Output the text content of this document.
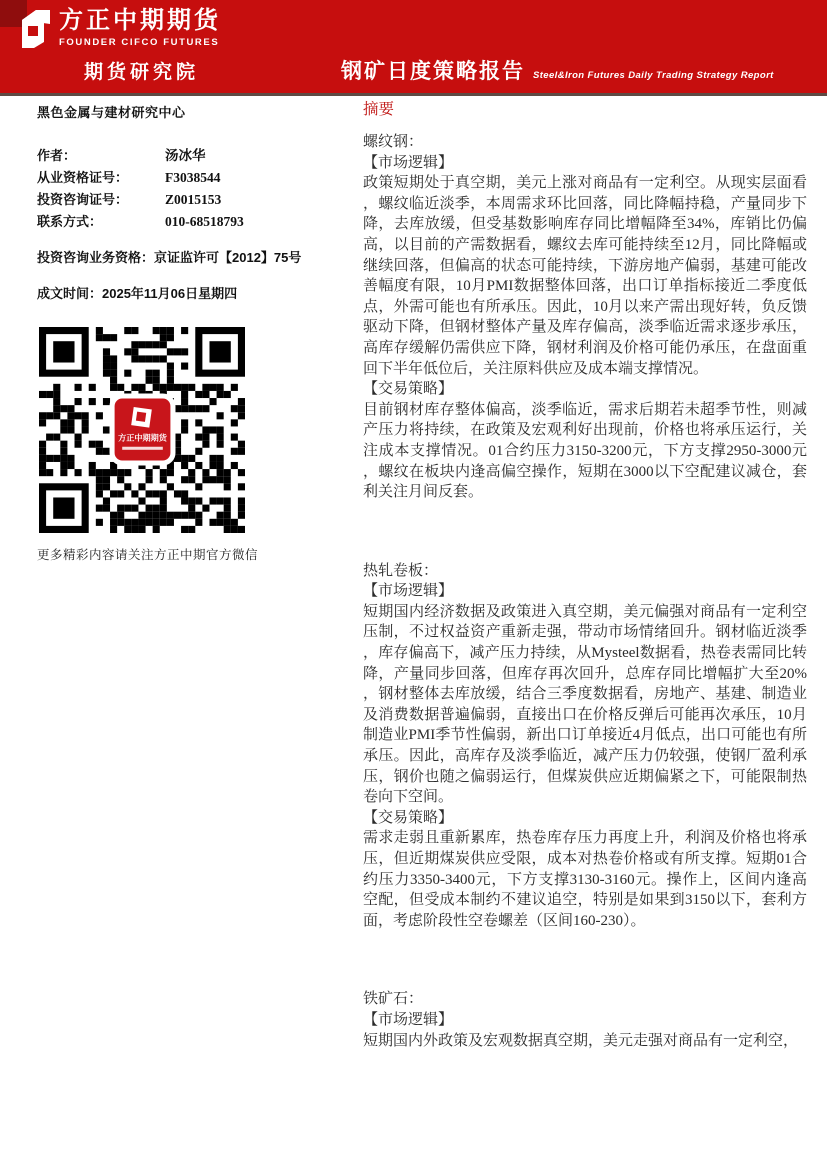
方正中期期货
FOUNDER CIFCO FUTURES
期货研究院	钢矿日度策略报告 Steel&Iron Futures Daily Trading Strategy Report
黑色金属与建材研究中心
作者：	汤冰华
从业资格证号：	F3038544
投资咨询证号：	Z0015153
联系方式：	010-68518793
投资咨询业务资格：京证监许可【2012】75号
成文时间：2025年11月06日星期四
方正中期期货
更多精彩内容请关注方正中期官方微信
摘要
螺纹钢：
【市场逻辑】

政策短期处于真空期，美元上涨对商品有一定利空。从现实层面看，螺纹临近淡季，本周需求环比回落，同比降幅持稳，产量同步下降，去库放缓，但受基数影响库存同比增幅降至34%，库销比仍偏高，以目前的产需数据看，螺纹去库可能持续至12月，同比降幅或继续回落，但偏高的状态可能持续，下游房地产偏弱，基建可能改善幅度有限，10月PMI数据整体回落，出口订单指标接近二季度低点，外需可能也有所承压。因此，10月以来产需出现好转，负反馈驱动下降，但钢材整体产量及库存偏高，淡季临近需求逐步承压，高库存缓解仍需供应下降，钢材利润及价格可能仍承压，在盘面重回下半年低位后，关注原料供应及成本端支撑情况。

【交易策略】

目前钢材库存整体偏高，淡季临近，需求后期若未超季节性，则减产压力将持续，在政策及宏观利好出现前，价格也将承压运行，关注成本支撑情况。01合约压力3150-3200元，下方支撑2950-3000元，螺纹在板块内逢高偏空操作，短期在3000以下空配建议减仓，套利关注月间反套。

热轧卷板：
【市场逻辑】

短期国内经济数据及政策进入真空期，美元偏强对商品有一定利空压制，不过权益资产重新走强，带动市场情绪回升。钢材临近淡季，库存偏高下，减产压力持续，从Mysteel数据看，热卷表需同比转降，产量同步回落，但库存再次回升，总库存同比增幅扩大至20%，钢材整体去库放缓，结合三季度数据看，房地产、基建、制造业及消费数据普遍偏弱，直接出口在价格反弹后可能再次承压，10月制造业PMI季节性偏弱，新出口订单接近4月低点，出口可能也有所承压。因此，高库存及淡季临近，减产压力仍较强，使钢厂盈利承压，钢价也随之偏弱运行，但煤炭供应近期偏紧之下，可能限制热卷向下空间。

【交易策略】

需求走弱且重新累库，热卷库存压力再度上升，利润及价格也将承压，但近期煤炭供应受限，成本对热卷价格或有所支撑。短期01合约压力3350-3400元，下方支撑3130-3160元。操作上，区间内逢高空配，但受成本制约不建议追空，特别是如果到3150以下，套利方面，考虑阶段性空卷螺差（区间160-230）。

铁矿石：
【市场逻辑】

短期国内外政策及宏观数据真空期，美元走强对商品有一定利空，
